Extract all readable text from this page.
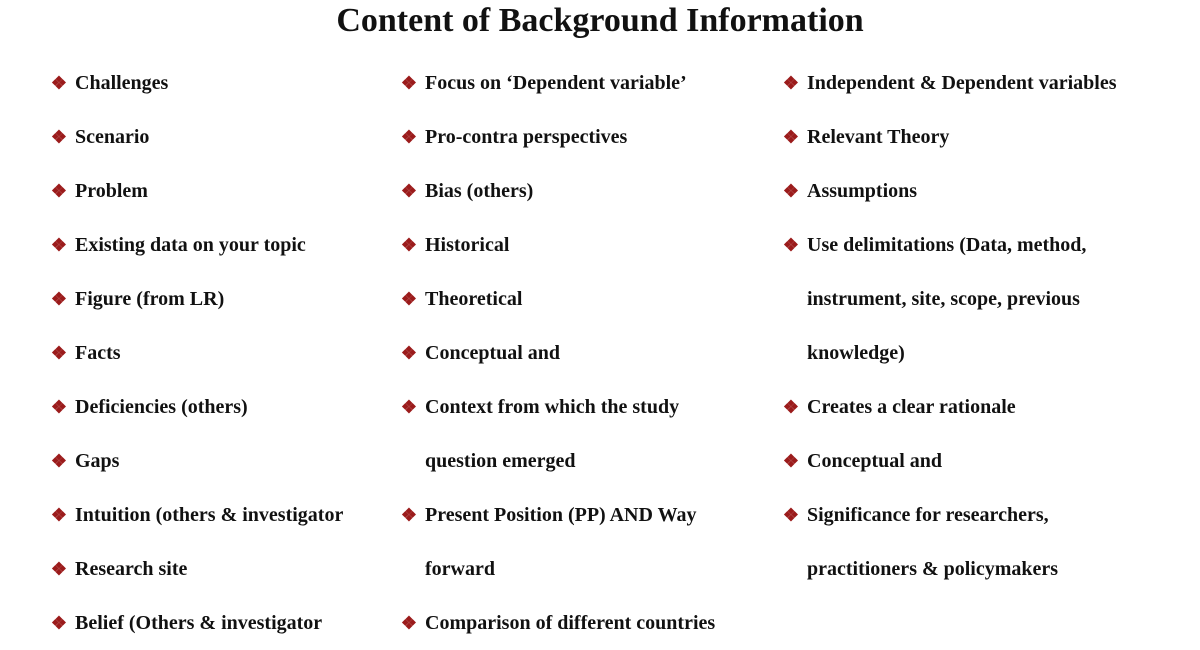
Content of Background Information
❖ Challenges
❖ Scenario
❖ Problem
❖ Existing data on your topic
❖ Figure (from LR)
❖ Facts
❖ Deficiencies (others)
❖ Gaps
❖ Intuition (others & investigator
❖ Research site
❖ Belief (Others & investigator
❖ Focus on ‘Dependent variable’
❖ Pro-contra perspectives
❖ Bias (others)
❖ Historical
❖ Theoretical
❖ Conceptual and
❖ Context from which the study
question emerged
❖ Present Position (PP) AND Way
forward
❖ Comparison of different countries
❖ Independent & Dependent variables
❖ Relevant Theory
❖ Assumptions
❖ Use delimitations (Data, method,
instrument, site, scope, previous
knowledge)
❖ Creates a clear rationale
❖ Conceptual and
❖ Significance for researchers,
practitioners & policymakers
